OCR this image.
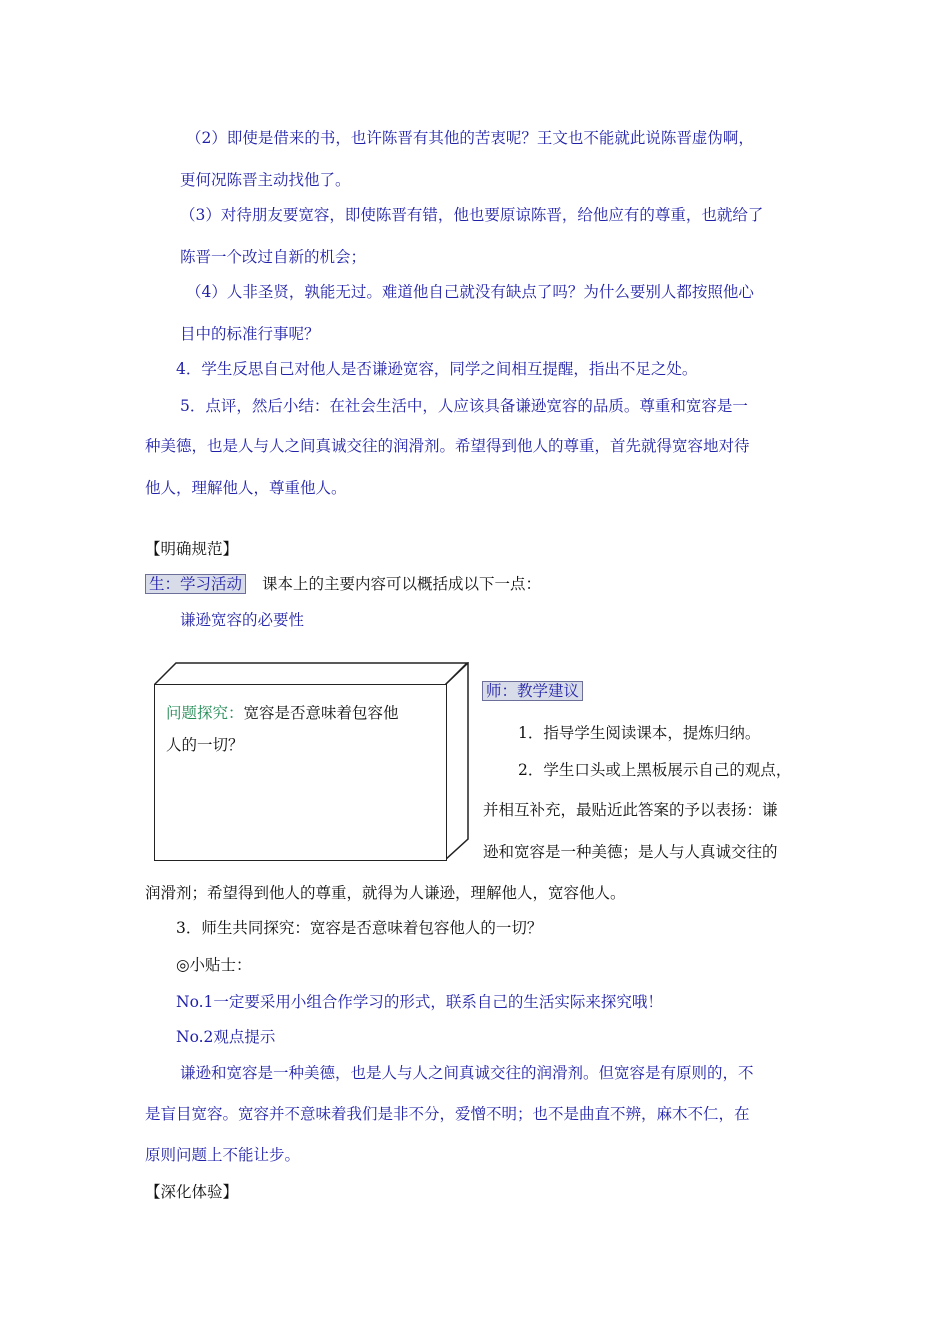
（2）即使是借来的书，也许陈晋有其他的苦衷呢？王文也不能就此说陈晋虚伪啊，
更何况陈晋主动找他了。
（3）对待朋友要宽容，即使陈晋有错，他也要原谅陈晋，给他应有的尊重，也就给了
陈晋一个改过自新的机会；
（4）人非圣贤，孰能无过。难道他自己就没有缺点了吗？为什么要别人都按照他心
目中的标准行事呢？
4．学生反思自己对他人是否谦逊宽容，同学之间相互提醒，指出不足之处。
5．点评，然后小结：在社会生活中，人应该具备谦逊宽容的品质。尊重和宽容是一
种美德，也是人与人之间真诚交往的润滑剂。希望得到他人的尊重，首先就得宽容地对待
他人，理解他人，尊重他人。
【明确规范】
生：学习活动 课本上的主要内容可以概括成以下一点：
谦逊宽容的必要性
问题探究：宽容是否意味着包容他
人的一切？
师：教学建议
1．指导学生阅读课本，提炼归纳。
2．学生口头或上黑板展示自己的观点，
并相互补充，最贴近此答案的予以表扬：谦
逊和宽容是一种美德；是人与人真诚交往的
润滑剂；希望得到他人的尊重，就得为人谦逊，理解他人，宽容他人。
3．师生共同探究：宽容是否意味着包容他人的一切？
◎小贴士：
No.1一定要采用小组合作学习的形式，联系自己的生活实际来探究哦！
No.2观点提示
谦逊和宽容是一种美德，也是人与人之间真诚交往的润滑剂。但宽容是有原则的，不
是盲目宽容。宽容并不意味着我们是非不分，爱憎不明；也不是曲直不辨，麻木不仁，在
原则问题上不能让步。
【深化体验】
